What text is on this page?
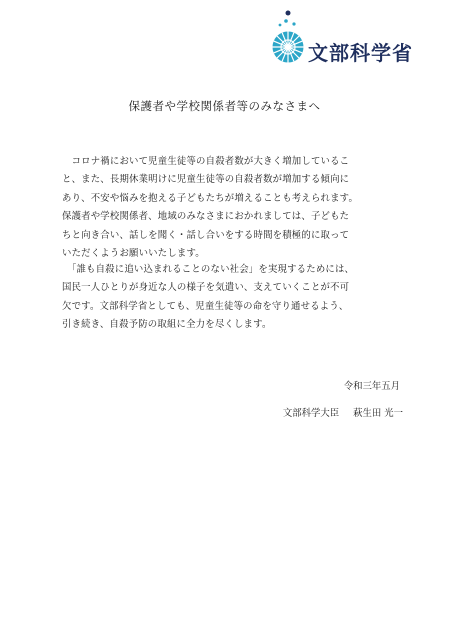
文部科学省
保護者や学校関係者等のみなさまへ
　コロナ禍において児童生徒等の自殺者数が大きく増加しているこ
と、また、長期休業明けに児童生徒等の自殺者数が増加する傾向に
あり、不安や悩みを抱える子どもたちが増えることも考えられます。
保護者や学校関係者、地域のみなさまにおかれましては、子どもた
ちと向き合い、話しを聞く・話し合いをする時間を積極的に取って
いただくようお願いいたします。
　「誰も自殺に追い込まれることのない社会」を実現するためには、
国民一人ひとりが身近な人の様子を気遣い、支えていくことが不可
欠です。文部科学省としても、児童生徒等の命を守り通せるよう、
引き続き、自殺予防の取組に全力を尽くします。
令和三年五月
文部科学大臣 萩生田 光一
